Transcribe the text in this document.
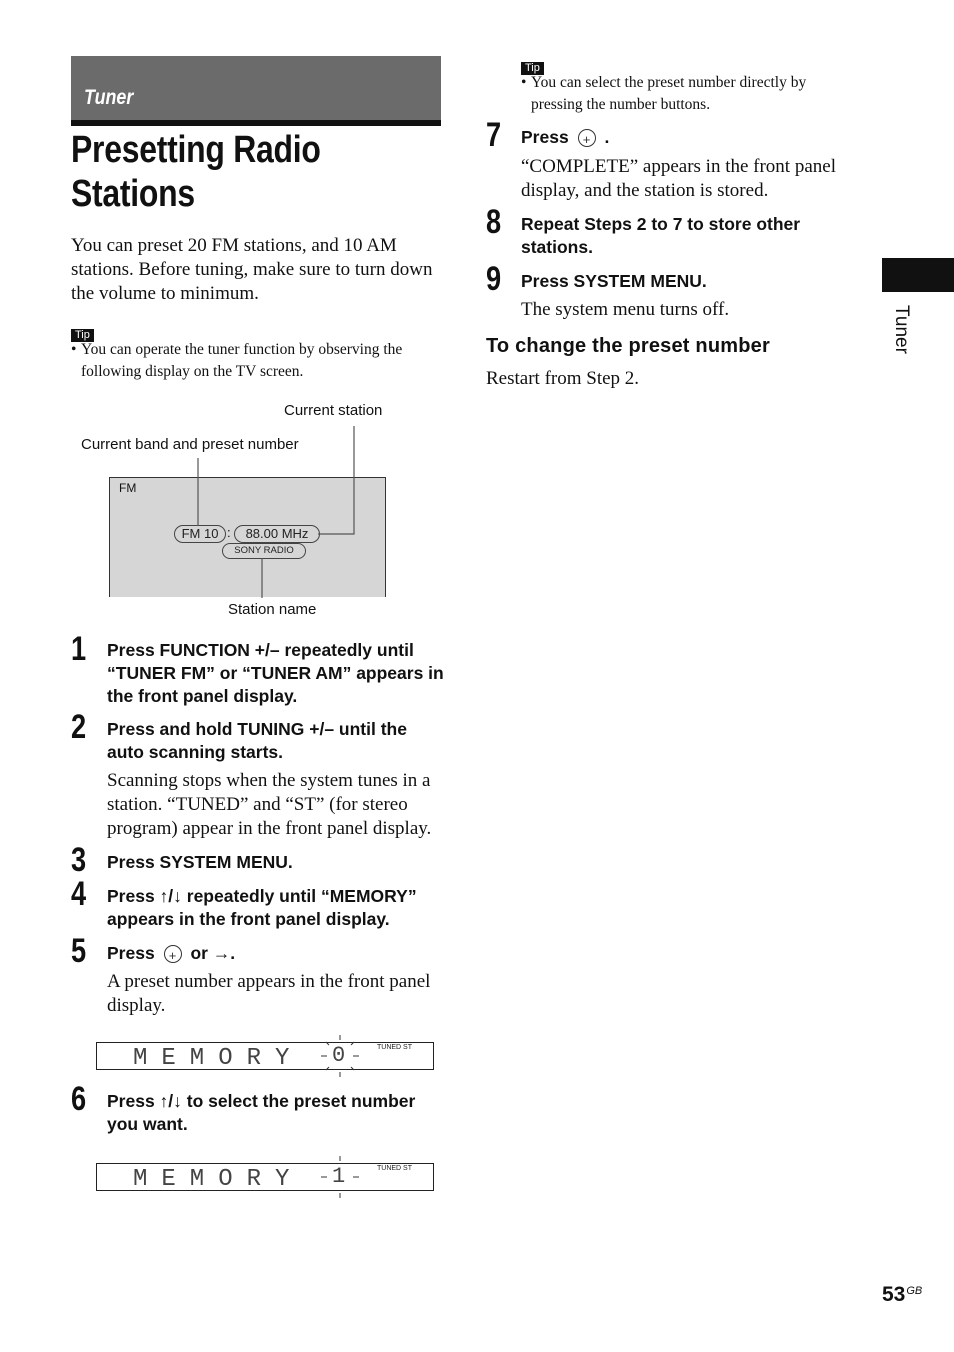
Tuner
Presetting Radio
Stations
You can preset 20 FM stations, and 10 AM stations. Before tuning, make sure to turn down the volume to minimum.
Tip
• You can operate the tuner function by observing the following display on the TV screen.
Current station
Current band and preset number
FM
FM 10 :	88.00 MHz
SONY RADIO
Station name
1 Press FUNCTION +/– repeatedly until “TUNER FM” or “TUNER AM” appears in the front panel display.
2 Press and hold TUNING +/– until the auto scanning starts.
Scanning stops when the system tunes in a station. “TUNED” and “ST” (for stereo program) appear in the front panel display.
3 Press SYSTEM MENU.
4 Press ↑/↓ repeatedly until “MEMORY” appears in the front panel display.
5 Press + or →.
A preset number appears in the front panel display.
MEMORY	TUNED ST
0
6 Press ↑/↓ to select the preset number you want.
MEMORY	TUNED ST
1
Tip
• You can select the preset number directly by pressing the number buttons.
7 Press + .
“COMPLETE” appears in the front panel display, and the station is stored.
8 Repeat Steps 2 to 7 to store other stations.
9 Press SYSTEM MENU.
The system menu turns off.
To change the preset number
Restart from Step 2.
Tuner
$53^{GB}$
